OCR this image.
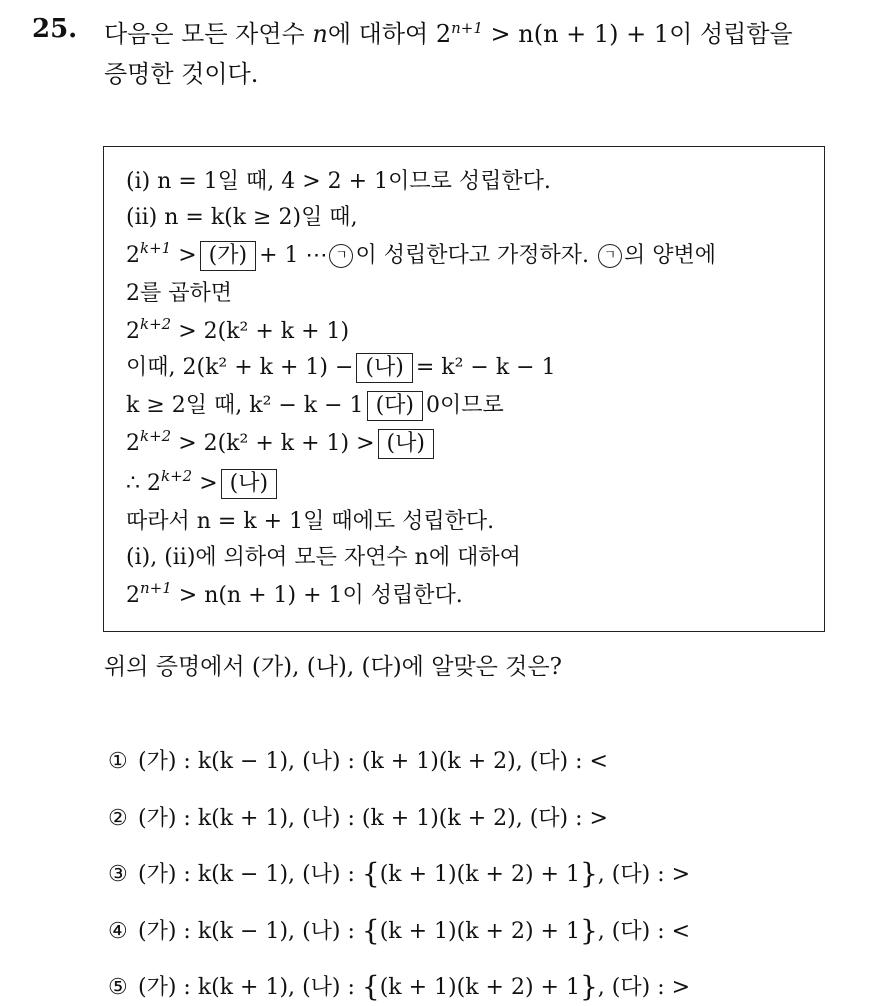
25. 다음은 모든 자연수 n에 대하여 $2^{n+1} > n(n + 1) + 1$이 성립함을
증명한 것이다.
(i) n = 1일 때, 4 > 2 + 1이므로 성립한다.
(ii) n = k(k ≥ 2)일 때,
$2^{k+1}$ > (가) + 1 ⋯ ㄱ 이 성립한다고 가정하자. ㄱ 의 양변에
2를 곱하면
$2^{k+2} > 2(k^2 + k + 1)$
이때, 2(k² + k + 1) − (나) = k² − k − 1
k ≥ 2일 때, k² − k − 1 (다) 0이므로
$2^{k+2} > 2(k^2 + k + 1)$ > (나)
∴ $2^{k+2}$ > (나)
따라서 n = k + 1일 때에도 성립한다.
(i), (ii)에 의하여 모든 자연수 n에 대하여
$2^{n+1} > n(n + 1) + 1$이 성립한다.
위의 증명에서 (가), (나), (다)에 알맞은 것은?
① (가) : k(k − 1), (나) : (k + 1)(k + 2), (다) : <
② (가) : k(k + 1), (나) : (k + 1)(k + 2), (다) : >
③ (가) : k(k − 1), (나) : {(k + 1)(k + 2) + 1}, (다) : >
④ (가) : k(k − 1), (나) : {(k + 1)(k + 2) + 1}, (다) : <
⑤ (가) : k(k + 1), (나) : {(k + 1)(k + 2) + 1}, (다) : >
